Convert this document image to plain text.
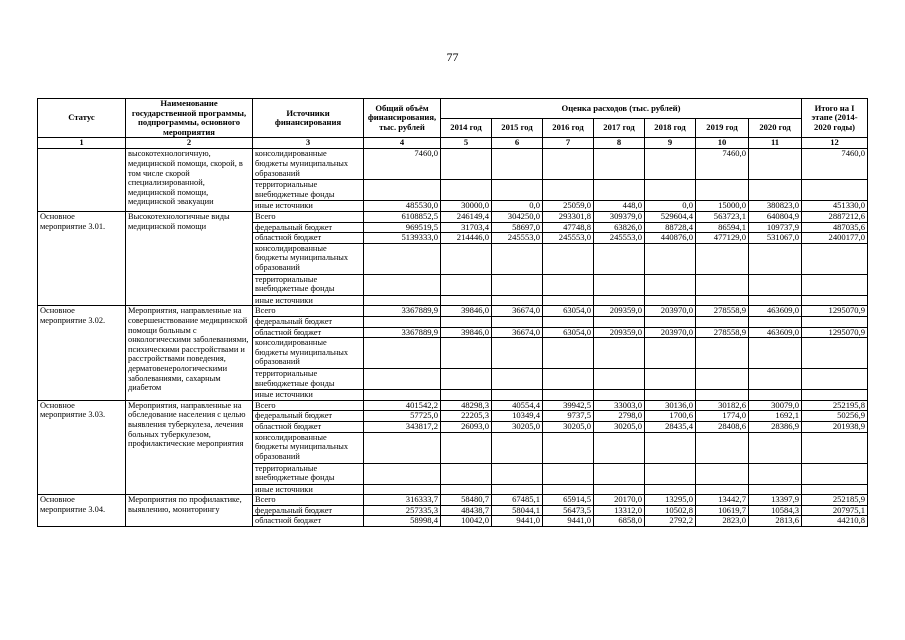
77
Статус	Наименование государственной программы, подпрограммы, основного мероприятия	Источники финансирования	Общий объём финансирования, тыс. рублей	Оценка расходов (тыс. рублей)							Итого на I этапе (2014-2020 годы)
				2014 год	2015 год	2016 год	2017 год	2018 год	2019 год	2020 год	
1	2	3	4	5	6	7	8	9	10	11	12
	высокотехнологичную, медицинской помощи, скорой, в том числе скорой специализированной, медицинской помощи, медицинской эвакуации	консолидированные бюджеты муниципальных образований	7460,0						7460,0		7460,0
		территориальные внебюджетные фонды									
		иные источники	485530,0	30000,0	0,0	25059,0	448,0	0,0	15000,0	380823,0	451330,0
Основное мероприятие 3.01.	Высокотехнологичные виды медицинской помощи	Всего	6108852,5	246149,4	304250,0	293301,8	309379,0	529604,4	563723,1	640804,9	2887212,6
		федеральный бюджет	969519,5	31703,4	58697,0	47748,8	63826,0	88728,4	86594,1	109737,9	487035,6
		областной бюджет	5139333,0	214446,0	245553,0	245553,0	245553,0	440876,0	477129,0	531067,0	2400177,0
		консолидированные бюджеты муниципальных образований									
		территориальные внебюджетные фонды									
		иные источники									
Основное мероприятие 3.02.	Мероприятия, направленные на совершенствование медицинской помощи больным с онкологическими заболеваниями, психическими расстройствами и расстройствами поведения, дерматовенерологическими заболеваниями, сахарным диабетом	Всего	3367889,9	39846,0	36674,0	63054,0	209359,0	203970,0	278558,9	463609,0	1295070,9
		федеральный бюджет									
		областной бюджет	3367889,9	39846,0	36674,0	63054,0	209359,0	203970,0	278558,9	463609,0	1295070,9
		консолидированные бюджеты муниципальных образований									
		территориальные внебюджетные фонды									
		иные источники									
Основное мероприятие 3.03.	Мероприятия, направленные на обследование населения с целью выявления туберкулеза, лечения больных туберкулезом, профилактические мероприятия	Всего	401542,2	48298,3	40554,4	39942,5	33003,0	30136,0	30182,6	30079,0	252195,8
		федеральный бюджет	57725,0	22205,3	10349,4	9737,5	2798,0	1700,6	1774,0	1692,1	50256,9
		областной бюджет	343817,2	26093,0	30205,0	30205,0	30205,0	28435,4	28408,6	28386,9	201938,9
		консолидированные бюджеты муниципальных образований									
		территориальные внебюджетные фонды									
		иные источники									
Основное мероприятие 3.04.	Мероприятия по профилактике, выявлению, мониторингу	Всего	316333,7	58480,7	67485,1	65914,5	20170,0	13295,0	13442,7	13397,9	252185,9
		федеральный бюджет	257335,3	48438,7	58044,1	56473,5	13312,0	10502,8	10619,7	10584,3	207975,1
		областной бюджет	58998,4	10042,0	9441,0	9441,0	6858,0	2792,2	2823,0	2813,6	44210,8
